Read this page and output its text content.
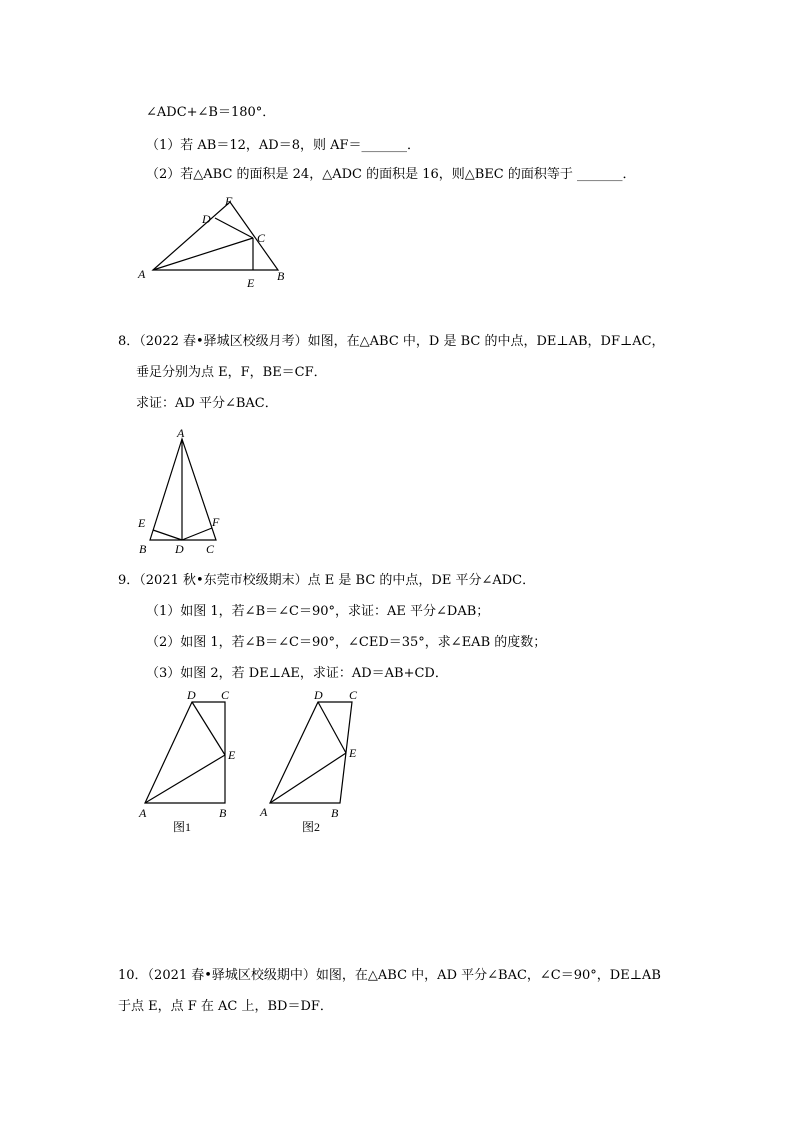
∠ADC+∠B＝180°．
（1）若 AB＝12，AD＝8，则 AF＝_______．
（2）若△ABC 的面积是 24，△ADC 的面积是 16，则△BEC 的面积等于 _______．
A	B
C
D
E
F
8．（2022 春•驿城区校级月考）如图，在△ABC 中，D 是 BC 的中点，DE⊥AB，DF⊥AC，
垂足分别为点 E，F，BE＝CF．
求证：AD 平分∠BAC．
A
B	C
D
E	F
9．（2021 秋•东莞市校级期末）点 E 是 BC 的中点，DE 平分∠ADC．
（1）如图 1，若∠B＝∠C＝90°，求证：AE 平分∠DAB；
（2）如图 1，若∠B＝∠C＝90°，∠CED＝35°，求∠EAB 的度数；
（3）如图 2，若 DE⊥AE，求证：AD＝AB+CD．
A	B
C
D
E
图1
A	B
C
D
E
图2
10．（2021 春•驿城区校级期中）如图，在△ABC 中，AD 平分∠BAC，∠C＝90°，DE⊥AB
于点 E，点 F 在 AC 上，BD＝DF．
